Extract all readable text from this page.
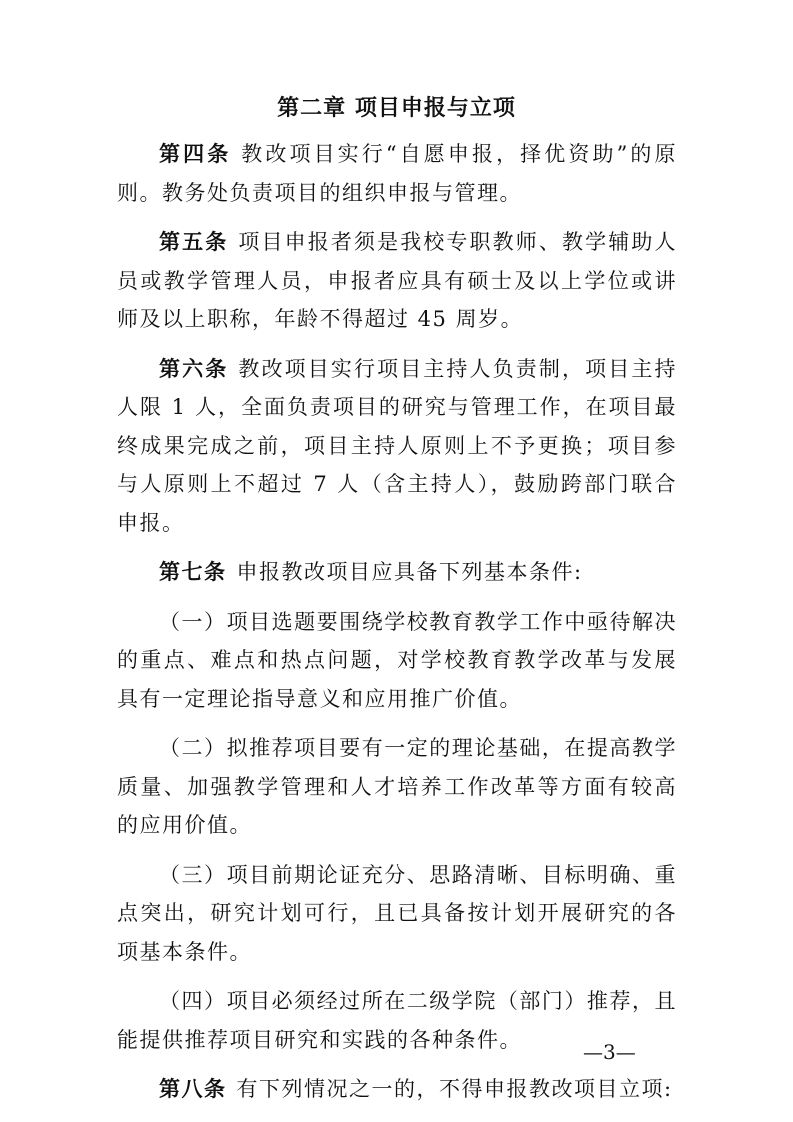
第二章 项目申报与立项

第四条 教改项目实行“自愿申报，择优资助”的原则。教务处负责项目的组织申报与管理。

第五条 项目申报者须是我校专职教师、教学辅助人员或教学管理人员，申报者应具有硕士及以上学位或讲师及以上职称，年龄不得超过 45 周岁。

第六条 教改项目实行项目主持人负责制，项目主持人限 1 人，全面负责项目的研究与管理工作，在项目最终成果完成之前，项目主持人原则上不予更换；项目参与人原则上不超过 7 人（含主持人），鼓励跨部门联合申报。

第七条 申报教改项目应具备下列基本条件:

（一）项目选题要围绕学校教育教学工作中亟待解决的重点、难点和热点问题，对学校教育教学改革与发展具有一定理论指导意义和应用推广价值。

（二）拟推荐项目要有一定的理论基础，在提高教学质量、加强教学管理和人才培养工作改革等方面有较高的应用价值。

（三）项目前期论证充分、思路清晰、目标明确、重点突出，研究计划可行，且已具备按计划开展研究的各项基本条件。

（四）项目必须经过所在二级学院（部门）推荐，且能提供推荐项目研究和实践的各种条件。

第八条 有下列情况之一的，不得申报教改项目立项:

—3—
